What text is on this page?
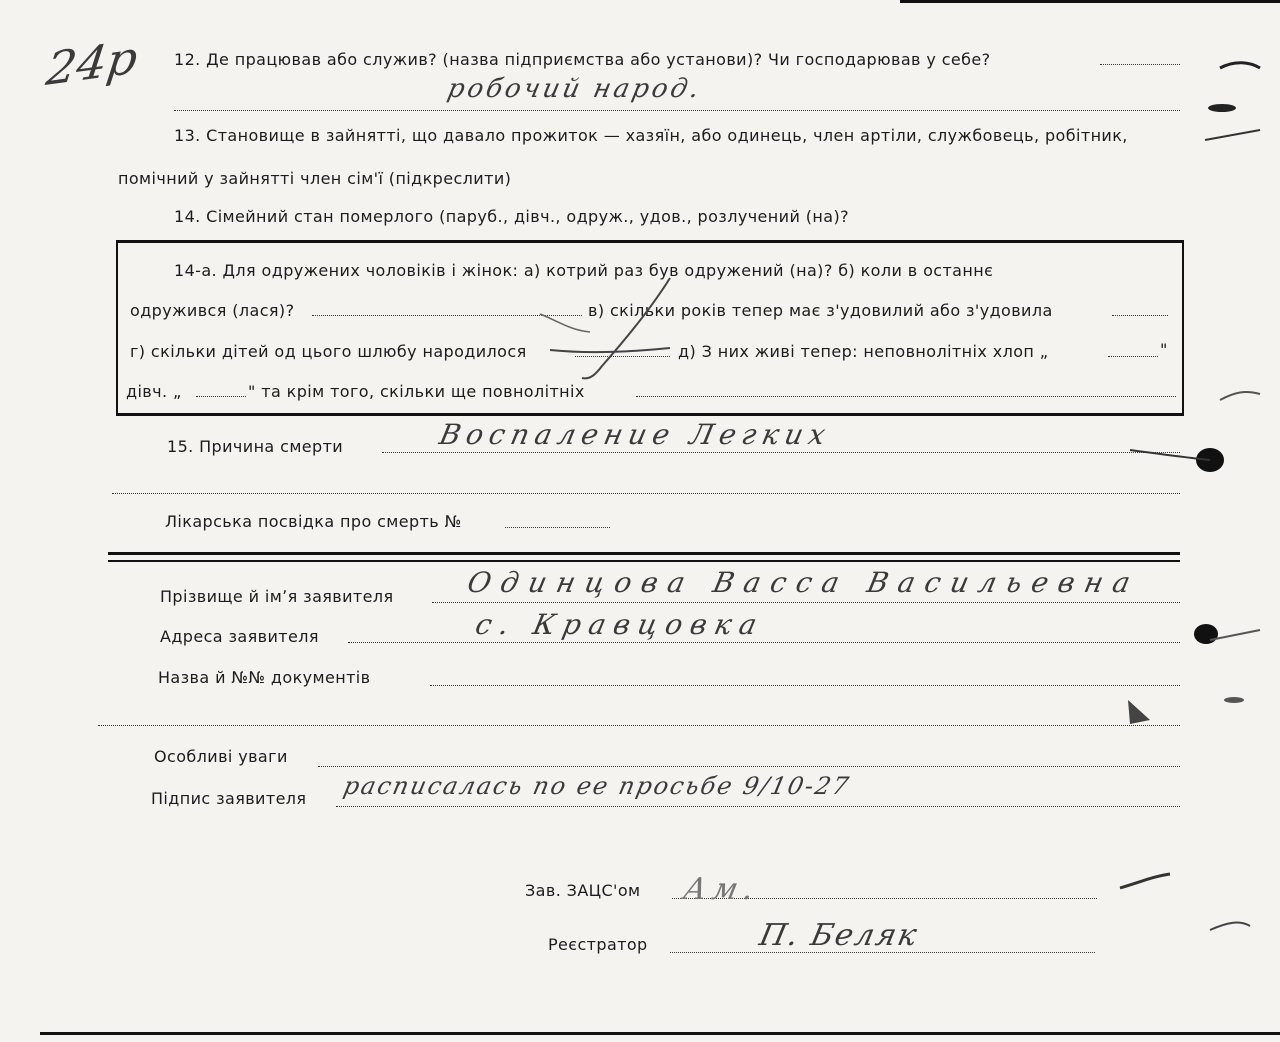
24р 12. Де працював або служив? (назва підприємства або установи)? Чи господарював у себе?
робочий народ.
13. Становище в зайнятті, що давало прожиток — хазяїн, або одинець, член артіли, службовець, робітник,
помічний у зайнятті член сім'ї (підкреслити)
14. Сімейний стан померлого (паруб., дівч., одруж., удов., розлучений (на)?
14-а. Для одружених чоловіків і жінок: а) котрий раз був одружений (на)? б) коли в останнє
одружився (лася)?	в) скільки років тепер має з'удовилий або з'удовила
г) скільки дітей од цього шлюбу народилося	д) З них живі тепер: неповнолітніх хлоп „	"
дівч. „	" та крім того, скільки ще повнолітніх
15. Причина смерти	Воспаление Легких
Лікарська посвідка про смерть №
Прізвище й імʼя заявителя	Одинцова Васса Васильевна
Адреса заявителя	с. Кравцовка
Назва й №№ документів
Особливі уваги
Підпис заявителя расписалась по ее просьбе 9/10-27
Зав. ЗАЦС'ом Ам.
Реєстратор	П. Беляк
